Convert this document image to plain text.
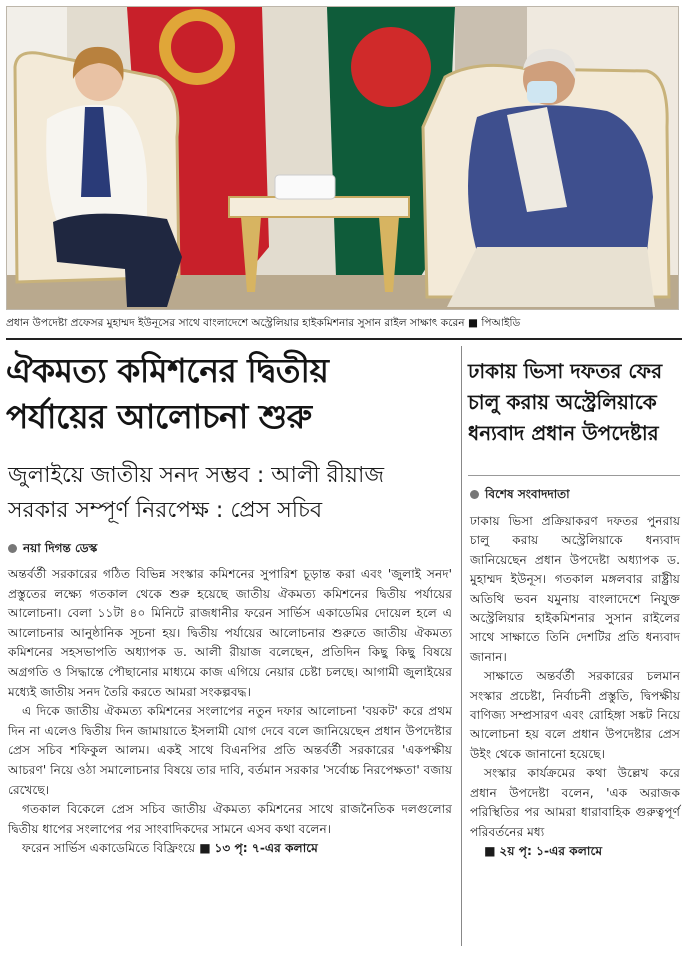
প্রধান উপদেষ্টা প্রফেসর মুহাম্মদ ইউনূসের সাথে বাংলাদেশে অস্ট্রেলিয়ার হাইকমিশনার সুসান রাইল সাক্ষাৎ করেন ■ পিআইডি
ঐকমত্য কমিশনের দ্বিতীয়
পর্যায়ের আলোচনা শুরু
জুলাইয়ে জাতীয় সনদ সম্ভব : আলী রীয়াজ
সরকার সম্পূর্ণ নিরপেক্ষ : প্রেস সচিব
নয়া দিগন্ত ডেস্ক

অন্তর্বর্তী সরকারের গঠিত বিভিন্ন সংস্কার কমিশনের সুপারিশ চূড়ান্ত করা এবং 'জুলাই সনদ' প্রস্তুতের লক্ষ্যে গতকাল থেকে শুরু হয়েছে জাতীয় ঐকমত্য কমিশনের দ্বিতীয় পর্যায়ের আলোচনা। বেলা ১১টা ৪০ মিনিটে রাজধানীর ফরেন সার্ভিস একাডেমির দোয়েল হলে এ আলোচনার আনুষ্ঠানিক সূচনা হয়। দ্বিতীয় পর্যায়ের আলোচনার শুরুতে জাতীয় ঐকমত্য কমিশনের সহসভাপতি অধ্যাপক ড. আলী রীয়াজ বলেছেন, প্রতিদিন কিছু কিছু বিষয়ে অগ্রগতি ও সিদ্ধান্তে পৌছানোর মাধ্যমে কাজ এগিয়ে নেয়ার চেষ্টা চলছে। আগামী জুলাইয়ের মধ্যেই জাতীয় সনদ তৈরি করতে আমরা সংকল্পবদ্ধ।

এ দিকে জাতীয় ঐকমত্য কমিশনের সংলাপের নতুন দফার আলোচনা 'বয়কট' করে প্রথম দিন না এলেও দ্বিতীয় দিন জামায়াতে ইসলামী যোগ দেবে বলে জানিয়েছেন প্রধান উপদেষ্টার প্রেস সচিব শফিকুল আলম। একই সাথে বিএনপির প্রতি অন্তর্বর্তী সরকারের 'একপক্ষীয় আচরণ' নিয়ে ওঠা সমালোচনার বিষয়ে তার দাবি, বর্তমান সরকার 'সর্বোচ্চ নিরপেক্ষতা' বজায় রেখেছে।

গতকাল বিকেলে প্রেস সচিব জাতীয় ঐকমত্য কমিশনের সাথে রাজনৈতিক দলগুলোর দ্বিতীয় ধাপের সংলাপের পর সাংবাদিকদের সামনে এসব কথা বলেন।

ফরেন সার্ভিস একাডেমিতে বিফ্রিংয়ে ■ ১৩ পৃ: ৭-এর কলামে

ঢাকায় ভিসা দফতর ফের
চালু করায় অস্ট্রেলিয়াকে
ধন্যবাদ প্রধান উপদেষ্টার
বিশেষ সংবাদদাতা

ঢাকায় ভিসা প্রক্রিয়াকরণ দফতর পুনরায় চালু করায় অস্ট্রেলিয়াকে ধন্যবাদ জানিয়েছেন প্রধান উপদেষ্টা অধ্যাপক ড. মুহাম্মদ ইউনূস। গতকাল মঙ্গলবার রাষ্ট্রীয় অতিথি ভবন যমুনায় বাংলাদেশে নিযুক্ত অস্ট্রেলিয়ার হাইকমিশনার সুসান রাইলের সাথে সাক্ষাতে তিনি দেশটির প্রতি ধন্যবাদ জানান।

সাক্ষাতে অন্তর্বর্তী সরকারের চলমান সংস্কার প্রচেষ্টা, নির্বাচনী প্রস্তুতি, দ্বিপক্ষীয় বাণিজ্য সম্প্রসারণ এবং রোহিঙ্গা সঙ্কট নিয়ে আলোচনা হয় বলে প্রধান উপদেষ্টার প্রেস উইং থেকে জানানো হয়েছে।

সংস্কার কার্যক্রমের কথা উল্লেখ করে প্রধান উপদেষ্টা বলেন, 'এক অরাজক পরিস্থিতির পর আমরা ধারাবাহিক গুরুত্বপূর্ণ পরিবর্তনের মধ্য

■ ২য় পৃ: ১-এর কলামে
